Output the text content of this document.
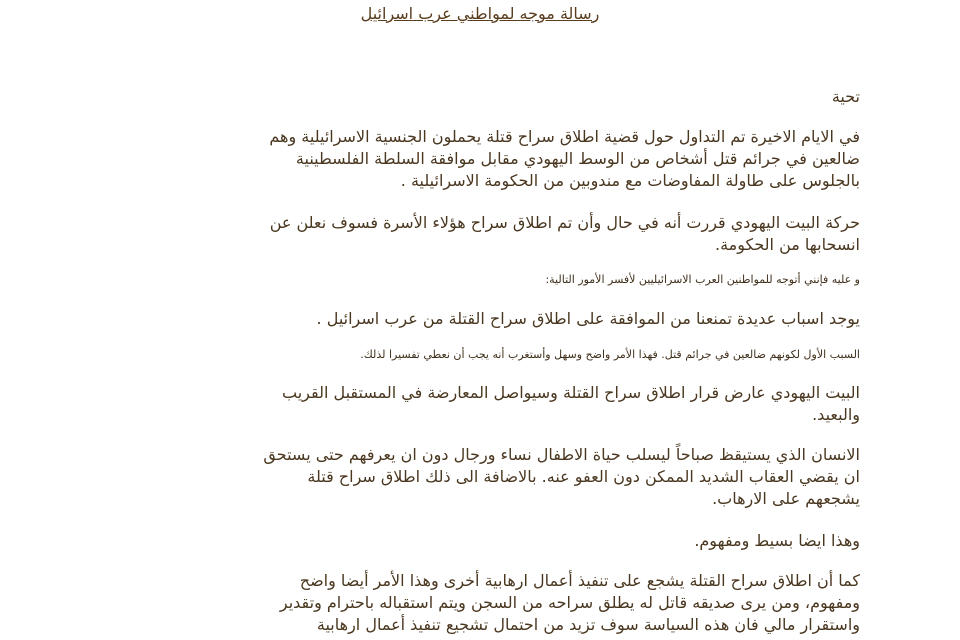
رسالة موجه لمواطني عرب اسرائيل
تحية
في الايام الاخيرة تم التداول حول قضية اطلاق سراح قتلة يحملون الجنسية الاسرائيلية وهم
ضالعين في جرائم قتل أشخاص من الوسط اليهودي مقابل موافقة السلطة الفلسطينية
بالجلوس على طاولة المفاوضات مع مندوبين من الحكومة الاسرائيلية .
حركة البيت اليهودي قررت أنه في حال وأن تم اطلاق سراح هؤلاء الأسرة فسوف نعلن عن
انسحابها من الحكومة.
و عليه فإنني أتوجه للمواطنين العرب الاسرائيليين لأفسر الأمور التالية:
يوجد اسباب عديدة تمنعنا من الموافقة على اطلاق سراح القتلة من عرب اسرائيل .
السبب الأول لكونهم ضالعين في جرائم قتل. فهذا الأمر واضح وسهل وأستغرب أنه يجب أن نعطي تفسيرا لذلك.
البيت اليهودي عارض قرار اطلاق سراح القتلة وسيواصل المعارضة في المستقبل القريب
والبعيد.
الانسان الذي يستيقظ صباحاً ليسلب حياة الاطفال نساء ورجال دون ان يعرفهم حتى يستحق
ان يقضي العقاب الشديد الممكن دون العفو عنه. بالاضافة الى ذلك اطلاق سراح قتلة
يشجعهم على الارهاب.
وهذا ايضا بسيط ومفهوم.
كما أن اطلاق سراح القتلة يشجع على تنفيذ أعمال ارهابية أخرى وهذا الأمر أيضا واضح
ومفهوم، ومن يرى صديقه قاتل له يطلق سراحه من السجن ويتم استقباله باحترام وتقدير
واستقرار مالي فان هذه السياسة سوف تزيد من احتمال تشجيع تنفيذ أعمال ارهابية
